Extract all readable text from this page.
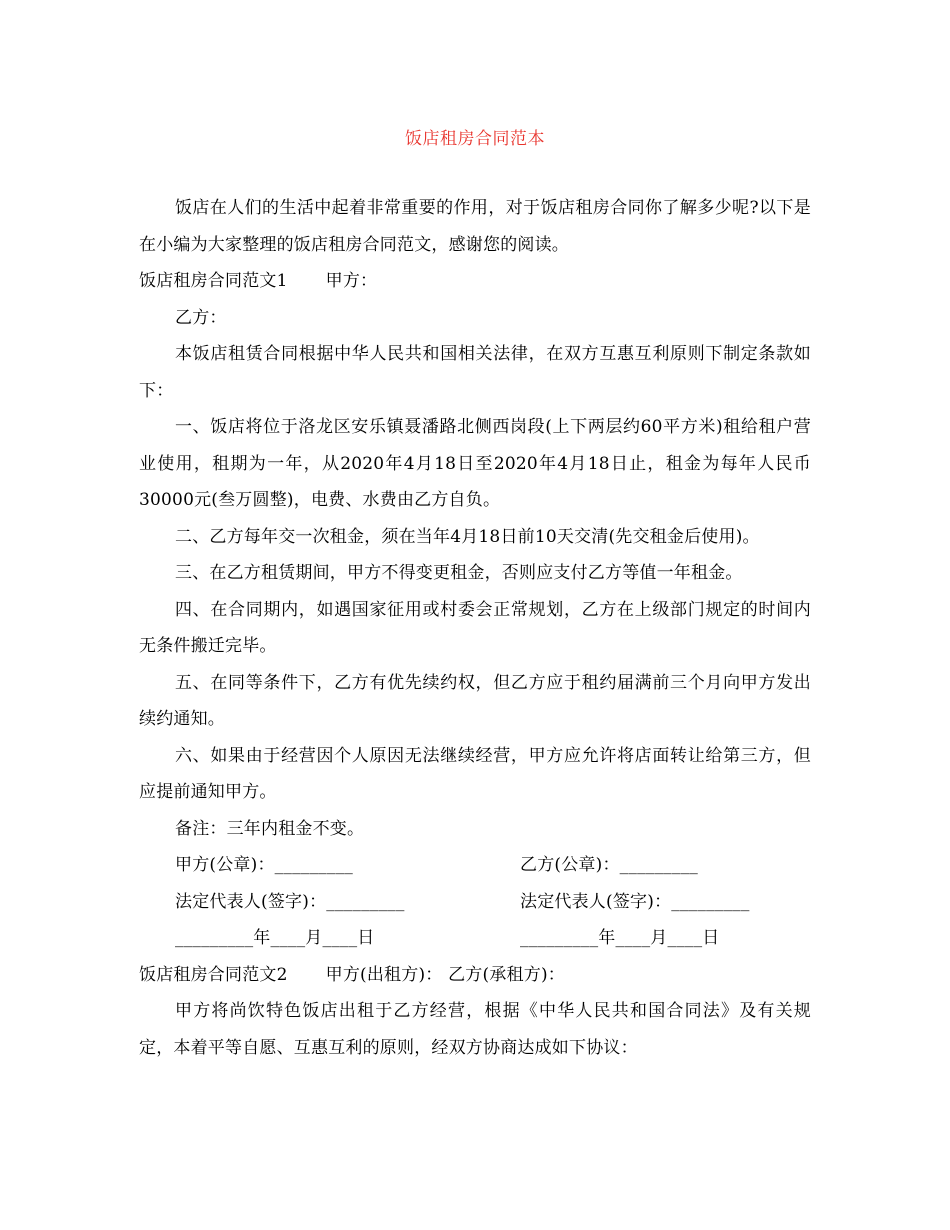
饭店租房合同范本

饭店在人们的生活中起着非常重要的作用，对于饭店租房合同你了解多少呢?以下是在小编为大家整理的饭店租房合同范文，感谢您的阅读。

饭店租房合同范文1 甲方：

乙方：

本饭店租赁合同根据中华人民共和国相关法律，在双方互惠互利原则下制定条款如下：

一、饭店将位于洛龙区安乐镇聂潘路北侧西岗段(上下两层约60平方米)租给租户营业使用，租期为一年，从2020年4月18日至2020年4月18日止，租金为每年人民币30000元(叁万圆整)，电费、水费由乙方自负。

二、乙方每年交一次租金，须在当年4月18日前10天交清(先交租金后使用)。

三、在乙方租赁期间，甲方不得变更租金，否则应支付乙方等值一年租金。

四、在合同期内，如遇国家征用或村委会正常规划，乙方在上级部门规定的时间内无条件搬迁完毕。

五、在同等条件下，乙方有优先续约权，但乙方应于租约届满前三个月向甲方发出续约通知。

六、如果由于经营因个人原因无法继续经营，甲方应允许将店面转让给第三方，但应提前通知甲方。

备注：三年内租金不变。

甲方(公章)：_________	乙方(公章)：_________
法定代表人(签字)：_________	法定代表人(签字)：_________
_________年____月____日	_________年____月____日

饭店租房合同范文2 甲方(出租方)： 乙方(承租方)：

甲方将尚饮特色饭店出租于乙方经营，根据《中华人民共和国合同法》及有关规定，本着平等自愿、互惠互利的原则，经双方协商达成如下协议：
